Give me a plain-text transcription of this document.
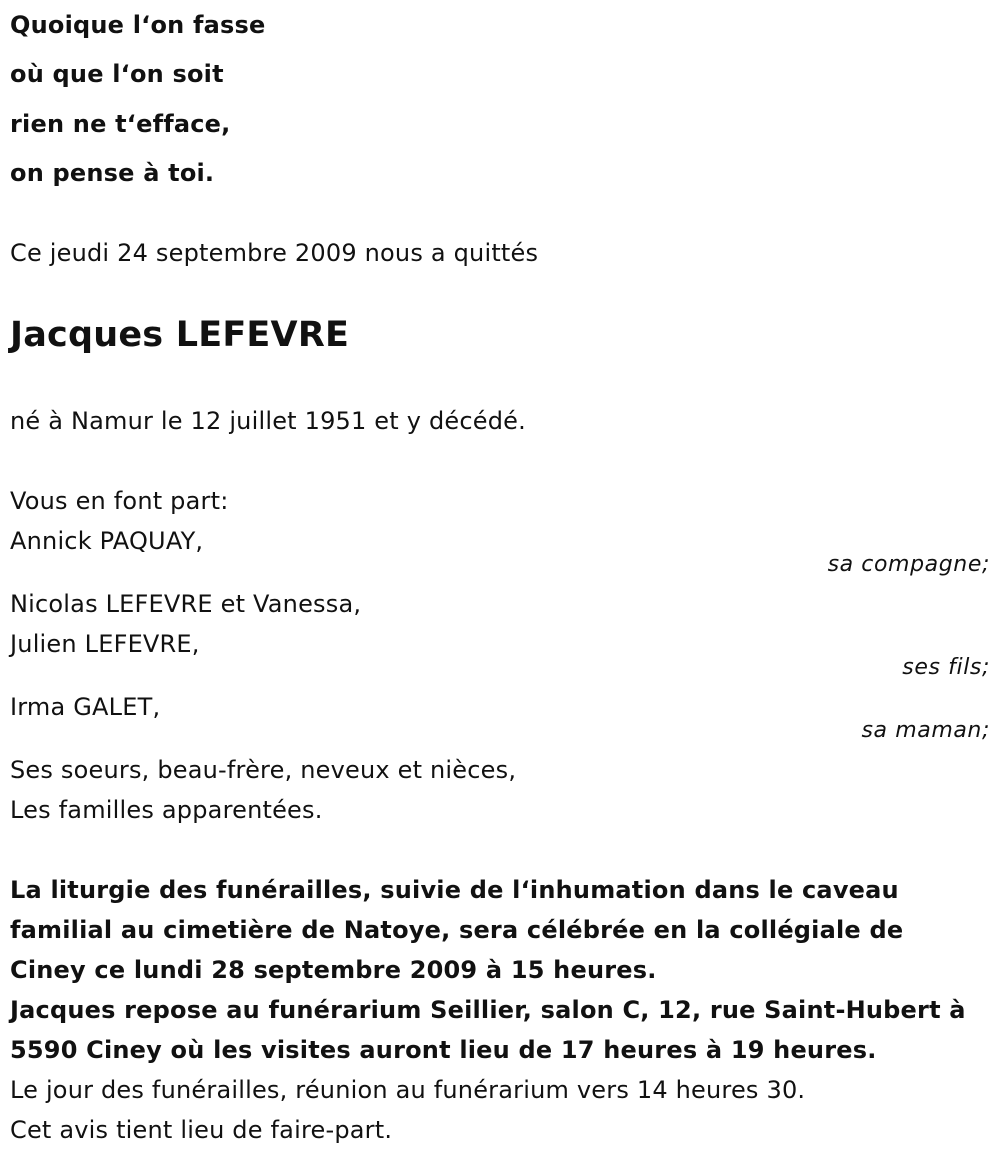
Quoique l‘on fasse
où que l‘on soit
rien ne t‘efface,
on pense à toi.
Ce jeudi 24 septembre 2009 nous a quittés
Jacques LEFEVRE
né à Namur le 12 juillet 1951 et y décédé.
Vous en font part:
Annick PAQUAY,
sa compagne;
Nicolas LEFEVRE et Vanessa,
Julien LEFEVRE,
ses fils;
Irma GALET,
sa maman;
Ses soeurs, beau-frère, neveux et nièces,
Les familles apparentées.
La liturgie des funérailles, suivie de l‘inhumation dans le caveau
familial au cimetière de Natoye, sera célébrée en la collégiale de
Ciney ce lundi 28 septembre 2009 à 15 heures.
Jacques repose au funérarium Seillier, salon C, 12, rue Saint-Hubert à
5590 Ciney où les visites auront lieu de 17 heures à 19 heures.
Le jour des funérailles, réunion au funérarium vers 14 heures 30.
Cet avis tient lieu de faire-part.
